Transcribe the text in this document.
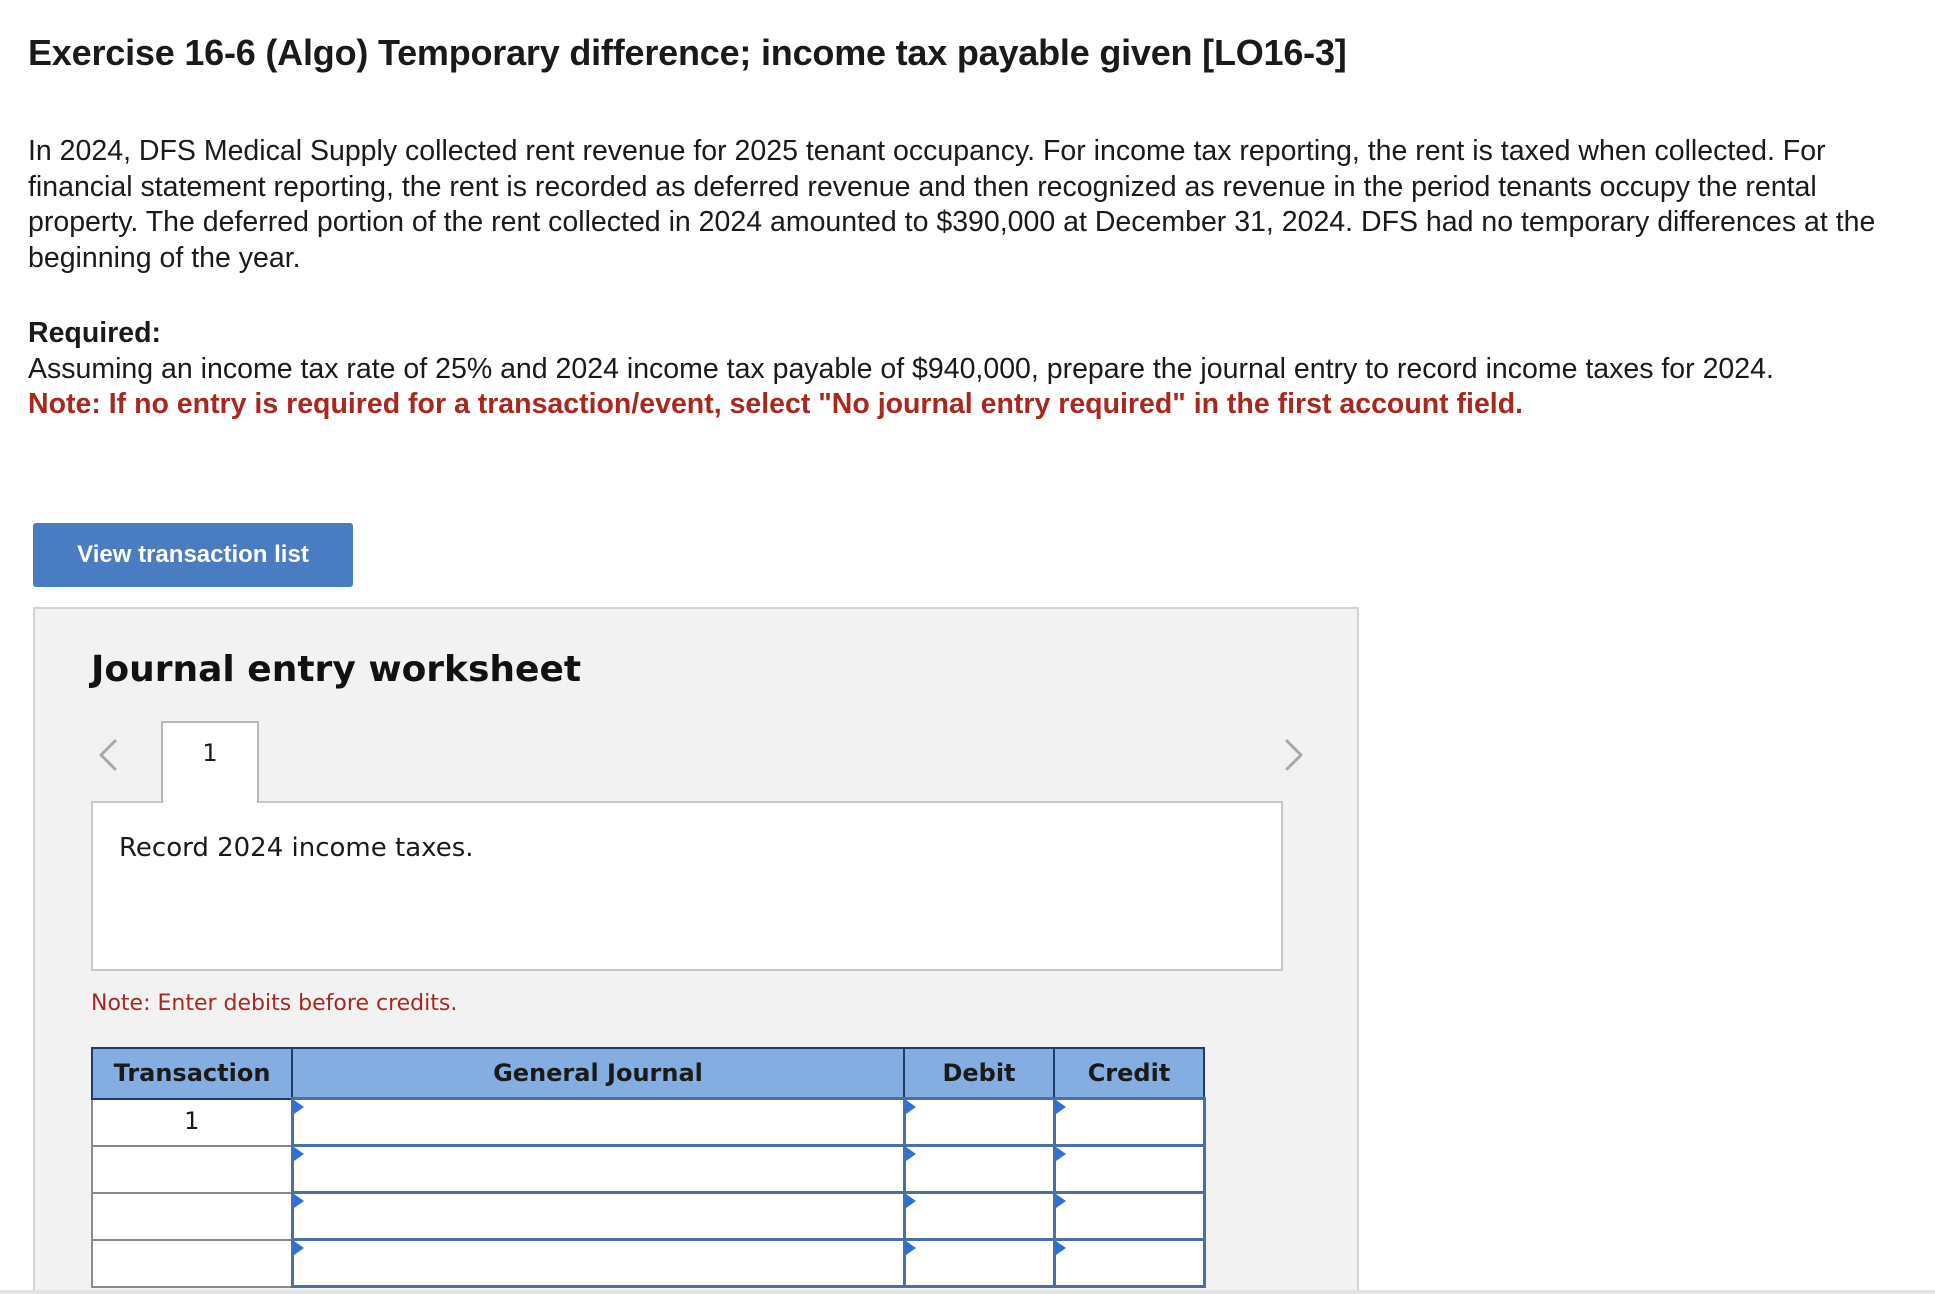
Exercise 16-6 (Algo) Temporary difference; income tax payable given [LO16-3]

In 2024, DFS Medical Supply collected rent revenue for 2025 tenant occupancy. For income tax reporting, the rent is taxed when collected. For financial statement reporting, the rent is recorded as deferred revenue and then recognized as revenue in the period tenants occupy the rental property. The deferred portion of the rent collected in 2024 amounted to $390,000 at December 31, 2024. DFS had no temporary differences at the beginning of the year.

Required:
Assuming an income tax rate of 25% and 2024 income tax payable of $940,000, prepare the journal entry to record income taxes for 2024.
Note: If no entry is required for a transaction/event, select "No journal entry required" in the first account field.
View transaction list
Journal entry worksheet
1
Record 2024 income taxes.
Note: Enter debits before credits.
Transaction	General Journal	Debit	Credit
1	
